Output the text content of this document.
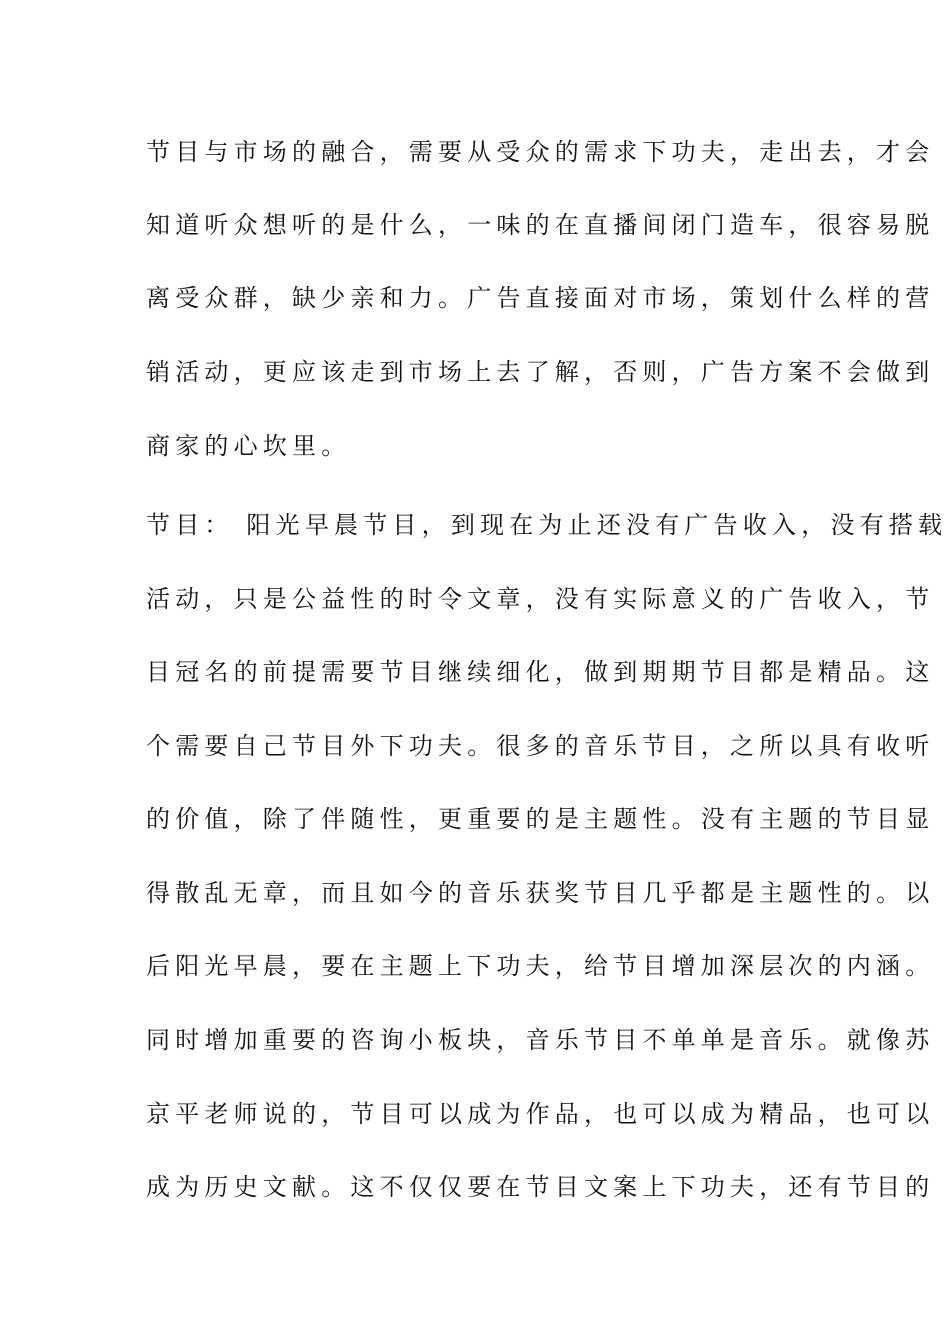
节目与市场的融合，需要从受众的需求下功夫，走出去，才会
知道听众想听的是什么，一味的在直播间闭门造车，很容易脱
离受众群，缺少亲和力。广告直接面对市场，策划什么样的营
销活动，更应该走到市场上去了解，否则，广告方案不会做到
商家的心坎里。
节目： 阳光早晨节目，到现在为止还没有广告收入，没有搭载
活动，只是公益性的时令文章，没有实际意义的广告收入，节
目冠名的前提需要节目继续细化，做到期期节目都是精品。这
个需要自己节目外下功夫。很多的音乐节目，之所以具有收听
的价值，除了伴随性，更重要的是主题性。没有主题的节目显
得散乱无章，而且如今的音乐获奖节目几乎都是主题性的。以
后阳光早晨，要在主题上下功夫，给节目增加深层次的内涵。
同时增加重要的咨询小板块，音乐节目不单单是音乐。就像苏
京平老师说的，节目可以成为作品，也可以成为精品，也可以
成为历史文献。这不仅仅要在节目文案上下功夫，还有节目的
